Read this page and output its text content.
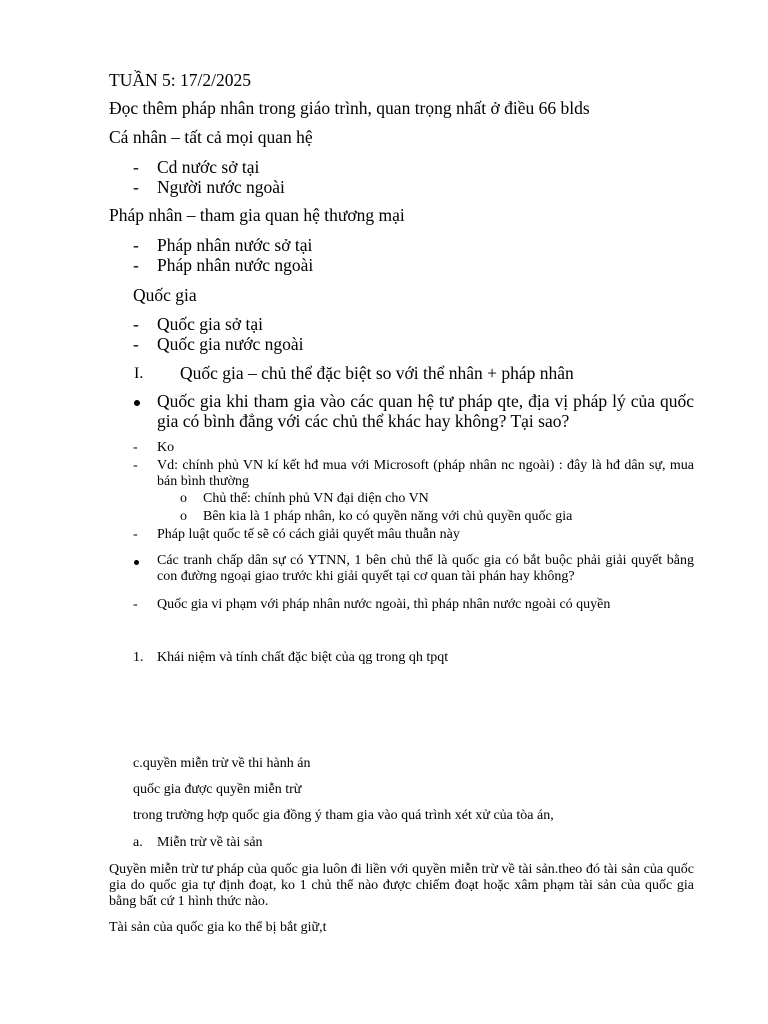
TUẦN 5: 17/2/2025
Đọc thêm pháp nhân trong giáo trình, quan trọng nhất ở điều 66 blds
Cá nhân – tất cả mọi quan hệ
- Cd nước sở tại
- Người nước ngoài
Pháp nhân – tham gia quan hệ thương mại
- Pháp nhân nước sở tại
- Pháp nhân nước ngoài
Quốc gia
- Quốc gia sở tại
- Quốc gia nước ngoài
I. Quốc gia – chủ thể đặc biệt so với thể nhân + pháp nhân
Quốc gia khi tham gia vào các quan hệ tư pháp qte, địa vị pháp lý của quốc gia có bình đẳng với các chủ thể khác hay không? Tại sao?
- Ko
- Vd: chính phủ VN kí kết hđ mua với Microsoft (pháp nhân nc ngoài) : đây là hđ dân sự, mua bán bình thường
o Chủ thể: chính phủ VN đại diện cho VN
o Bên kia là 1 pháp nhân, ko có quyền năng với chủ quyền quốc gia
- Pháp luật quốc tế sẽ có cách giải quyết mâu thuẫn này
Các tranh chấp dân sự có YTNN, 1 bên chủ thể là quốc gia có bắt buộc phải giải quyết bằng con đường ngoại giao trước khi giải quyết tại cơ quan tài phán hay không?
- Quốc gia vi phạm với pháp nhân nước ngoài, thì pháp nhân nước ngoài có quyền
1. Khái niệm và tính chất đặc biệt của qg trong qh tpqt
c.quyền miễn trừ về thi hành án
quốc gia được quyền miễn trừ
trong trường hợp quốc gia đồng ý tham gia vào quá trình xét xử của tòa án,
a. Miễn trừ về tài sản
Quyền miễn trừ tư pháp của quốc gia luôn đi liền với quyền miễn trừ về tài sản.theo đó tài sản của quốc gia do quốc gia tự định đoạt, ko 1 chủ thể nào được chiếm đoạt hoặc xâm phạm tài sản của quốc gia bằng bất cứ 1 hình thức nào.
Tài sản của quốc gia ko thể bị bắt giữ,t
